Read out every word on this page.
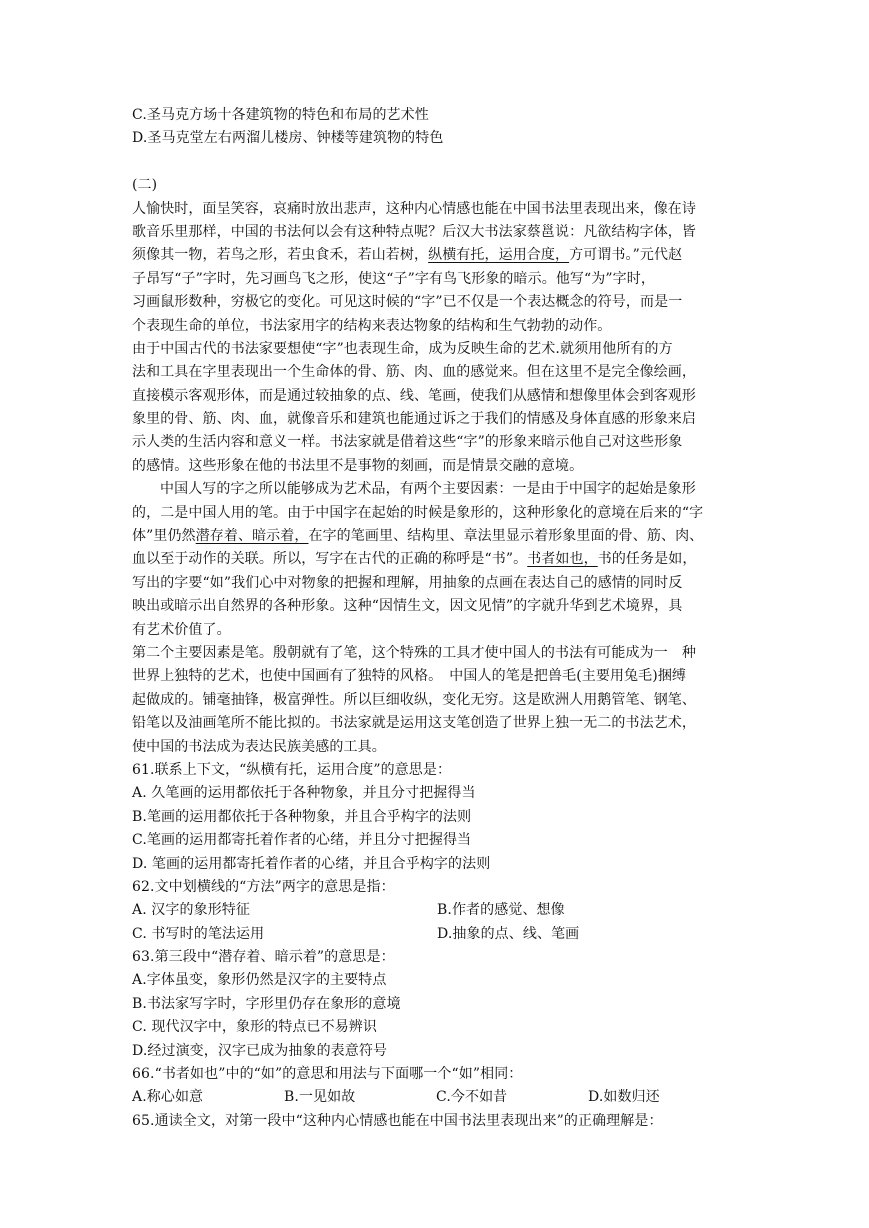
C.圣马克方场十各建筑物的特色和布局的艺术性
D.圣马克堂左右两溜儿楼房、钟楼等建筑物的特色
(二)
人愉快时，面呈笑容，哀痛时放出悲声，这种内心情感也能在中国书法里表现出来，像在诗
歌音乐里那样，中国的书法何以会有这种特点呢？后汉大书法家蔡邕说：凡欲结构字体，皆
须像其一物，若鸟之形，若虫食禾，若山若树，纵横有托，运用合度，方可谓书。”元代赵
子昂写“子”字时，先习画鸟飞之形，使这“子”字有鸟飞形象的暗示。他写“为”字时，
习画鼠形数种，穷极它的变化。可见这时候的“字”已不仅是一个表达概念的符号，而是一
个表现生命的单位，书法家用字的结构来表达物象的结构和生气勃勃的动作。
由于中国古代的书法家要想使“字”也表现生命，成为反映生命的艺术.就须用他所有的方
法和工具在字里表现出一个生命体的骨、筋、肉、血的感觉来。但在这里不是完全像绘画，
直接模示客观形体，而是通过较抽象的点、线、笔画，使我们从感情和想像里体会到客观形
象里的骨、筋、肉、血，就像音乐和建筑也能通过诉之于我们的情感及身体直感的形象来启
示人类的生活内容和意义一样。书法家就是借着这些“字”的形象来暗示他自己对这些形象
的感情。这些形象在他的书法里不是事物的刻画，而是情景交融的意境。
中国人写的字之所以能够成为艺术品，有两个主要因素：一是由于中国字的起始是象形
的，二是中国人用的笔。由于中国字在起始的时候是象形的，这种形象化的意境在后来的“字
体”里仍然潜存着、暗示着，在字的笔画里、结构里、章法里显示着形象里面的骨、筋、肉、
血以至于动作的关联。所以，写字在古代的正确的称呼是“书”。书者如也，书的任务是如，
写出的字要“如”我们心中对物象的把握和理解，用抽象的点画在表达自己的感情的同时反
映出或暗示出自然界的各种形象。这种“因情生文，因文见情”的字就升华到艺术境界，具
有艺术价值了。
第二个主要因素是笔。殷朝就有了笔，这个特殊的工具才使中国人的书法有可能成为一　种
世界上独特的艺术，也使中国画有了独特的风格。　中国人的笔是把兽毛(主要用兔毛)捆缚
起做成的。铺毫抽锋，极富弹性。所以巨细收纵，变化无穷。这是欧洲人用鹅管笔、钢笔、
铅笔以及油画笔所不能比拟的。书法家就是运用这支笔创造了世界上独一无二的书法艺术，
使中国的书法成为表达民族美感的工具。
61.联系上下文，“纵横有托，运用合度”的意思是：
A. 久笔画的运用都依托于各种物象，并且分寸把握得当
B.笔画的运用都依托于各种物象，并且合乎构字的法则
C.笔画的运用都寄托着作者的心绪，并且分寸把握得当
D. 笔画的运用都寄托着作者的心绪，并且合乎构字的法则
62.文中划横线的“方法”两字的意思是指：
A. 汉字的象形特征	B.作者的感觉、想像
C. 书写时的笔法运用	D.抽象的点、线、笔画
63.第三段中“潜存着、暗示着”的意思是：
A.字体虽变，象形仍然是汉字的主要特点
B.书法家写字时，字形里仍存在象形的意境
C. 现代汉字中，象形的特点已不易辨识
D.经过演变，汉字已成为抽象的表意符号
66.“书者如也”中的“如”的意思和用法与下面哪一个“如”相同：
A.称心如意	B.一见如故	C.今不如昔	D.如数归还
65.通读全文，对第一段中“这种内心情感也能在中国书法里表现出来”的正确理解是：
